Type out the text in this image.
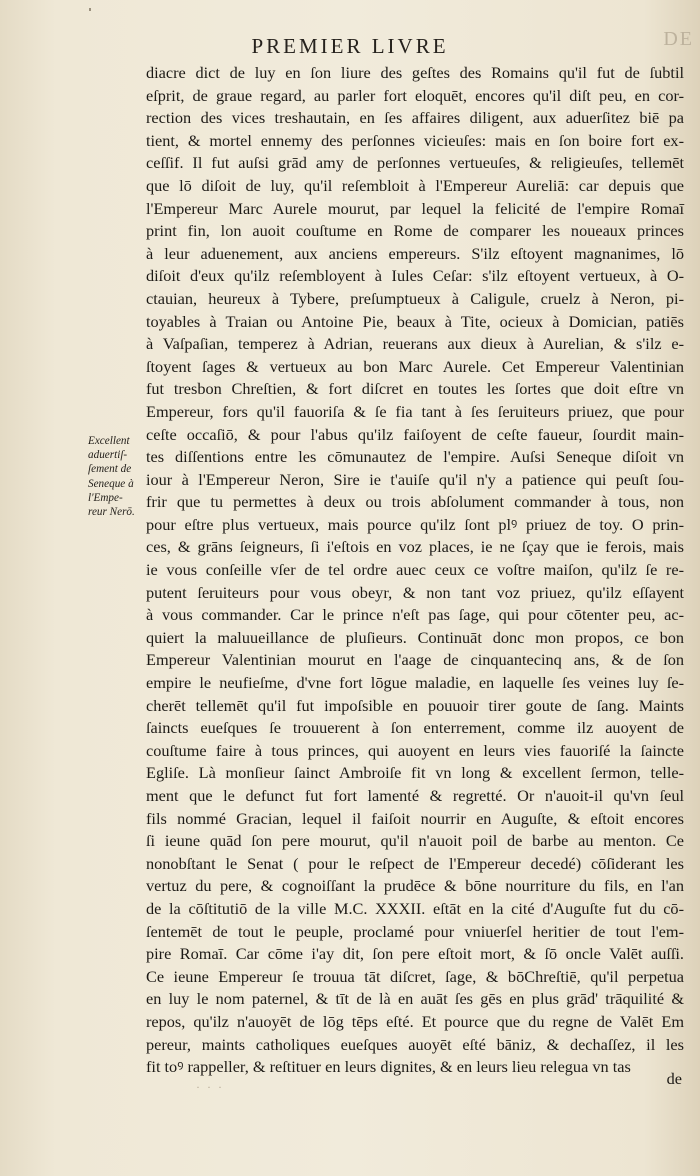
PREMIER LIVRE	DE
Excellent
aduertiſ-
ſement de
Seneque à
l'Empe-
reur Nerō.
diacre dict de luy en ſon liure des geſtes des Romains qu'il fut de ſubtil
eſprit, de graue regard, au parler fort eloquēt, encores qu'il diſt peu, en cor-
rection des vices treshautain, en ſes affaires diligent, aux aduerſitez biē pa
tient, & mortel ennemy des perſonnes vicieuſes: mais en ſon boire fort ex-
ceſſif. Il fut auſsi grād amy de perſonnes vertueuſes, & religieuſes, tellemēt
que lō diſoit de luy, qu'il reſembloit à l'Empereur Aureliā: car depuis que
l'Empereur Marc Aurele mourut, par lequel la felicité de l'empire Romaī
print fin, lon auoit couſtume en Rome de comparer les noueaux princes
à leur aduenement, aux anciens empereurs. S'ilz eſtoyent magnanimes, lō
diſoit d'eux qu'ilz reſembloyent à Iules Ceſar: s'ilz eſtoyent vertueux, à O-
ctauian, heureux à Tybere, preſumptueux à Caligule, cruelz à Neron, pi-
toyables à Traian ou Antoine Pie, beaux à Tite, ocieux à Domician, patiēs
à Vaſpaſian, temperez à Adrian, reuerans aux dieux à Aurelian, & s'ilz e-
ſtoyent ſages & vertueux au bon Marc Aurele. Cet Empereur Valentinian
fut tresbon Chreſtien, & fort diſcret en toutes les ſortes que doit eſtre vn
Empereur, fors qu'il fauoriſa & ſe fia tant à ſes ſeruiteurs priuez, que pour
ceſte occaſiō, & pour l'abus qu'ilz faiſoyent de ceſte faueur, ſourdit main-
tes diſſentions entre les cōmunautez de l'empire. Auſsi Seneque diſoit vn
iour à l'Empereur Neron, Sire ie t'auiſe qu'il n'y a patience qui peuſt ſou-
frir que tu permettes à deux ou trois abſolument commander à tous, non
pour eſtre plus vertueux, mais pource qu'ilz ſont plꝰ priuez de toy. O prin-
ces, & grāns ſeigneurs, ſi i'eſtois en voz places, ie ne ſçay que ie ferois, mais
ie vous conſeille vſer de tel ordre auec ceux ce voſtre maiſon, qu'ilz ſe re-
putent ſeruiteurs pour vous obeyr, & non tant voz priuez, qu'ilz eſſayent
à vous commander. Car le prince n'eſt pas ſage, qui pour cōtenter peu, ac-
quiert la maluueillance de pluſieurs. Continuāt donc mon propos, ce bon
Empereur Valentinian mourut en l'aage de cinquantecinq ans, & de ſon
empire le neufieſme, d'vne fort lōgue maladie, en laquelle ſes veines luy ſe-
cherēt tellemēt qu'il fut impoſsible en pouuoir tirer goute de ſang. Maints
ſaincts eueſques ſe trouuerent à ſon enterrement, comme ilz auoyent de
couſtume faire à tous princes, qui auoyent en leurs vies fauoriſé la ſaincte
Egliſe. Là monſieur ſainct Ambroiſe fit vn long & excellent ſermon, telle-
ment que le defunct fut fort lamenté & regretté. Or n'auoit-il qu'vn ſeul
fils nommé Gracian, lequel il faiſoit nourrir en Auguſte, & eſtoit encores
ſi ieune quād ſon pere mourut, qu'il n'auoit poil de barbe au menton. Ce
nonobſtant le Senat ( pour le reſpect de l'Empereur decedé) cōſiderant les
vertuz du pere, & cognoiſſant la prudēce & bōne nourriture du fils, en l'an
de la cōſtitutiō de la ville M.C. XXXII. eſtāt en la cité d'Auguſte fut du cō-
ſentemēt de tout le peuple, proclamé pour vniuerſel heritier de tout l'em-
pire Romaī. Car cōme i'ay dit, ſon pere eſtoit mort, & ſō oncle Valēt auſſi.
Ce ieune Empereur ſe trouua tāt diſcret, ſage, & bōChreſtiē, qu'il perpetua
en luy le nom paternel, & tīt de là en auāt ſes gēs en plus grād' trāquilité &
repos, qu'ilz n'auoyēt de lōg tēps eſté. Et pource que du regne de Valēt Em
pereur, maints catholiques eueſques auoyēt eſté bāniz, & dechaſſez, il les
fit toꝰ rappeller, & reſtituer en leurs dignites, & en leurs lieu relegua vn tas
· · ·	de
